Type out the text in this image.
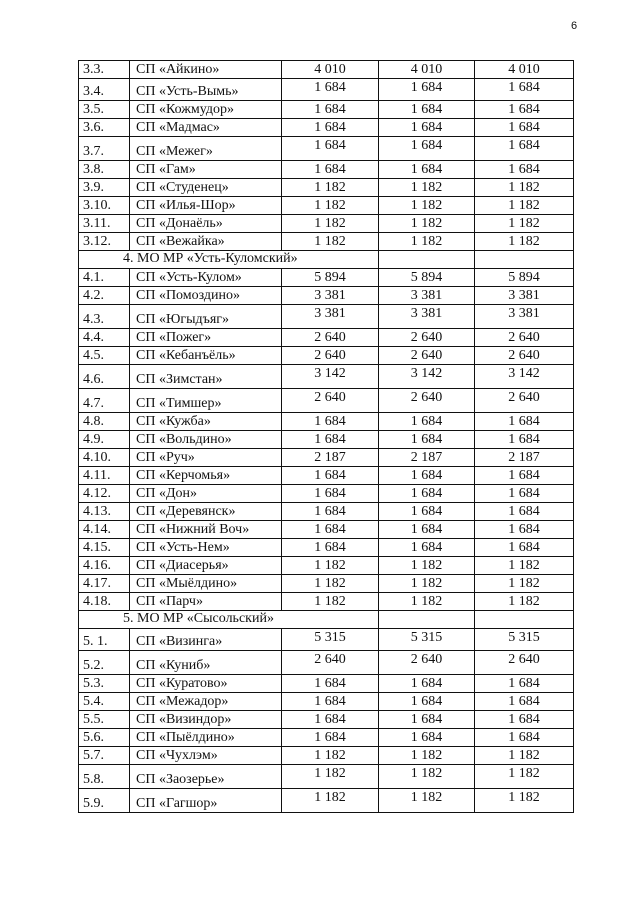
6
3.3.	СП «Айкино»	4 010	4 010	4 010
3.4.	СП «Усть-Вымь»	1 684	1 684	1 684
3.5.	СП «Кожмудор»	1 684	1 684	1 684
3.6.	СП «Мадмас»	1 684	1 684	1 684
3.7.	СП «Межег»	1 684	1 684	1 684
3.8.	СП «Гам»	1 684	1 684	1 684
3.9.	СП «Студенец»	1 182	1 182	1 182
3.10.	СП «Илья-Шор»	1 182	1 182	1 182
3.11.	СП «Донаёль»	1 182	1 182	1 182
3.12.	СП «Вежайка»	1 182	1 182	1 182
4. МО МР «Усть-Куломский»				
4.1.	СП «Усть-Кулом»	5 894	5 894	5 894
4.2.	СП «Помоздино»	3 381	3 381	3 381
4.3.	СП «Югыдъяг»	3 381	3 381	3 381
4.4.	СП «Пожег»	2 640	2 640	2 640
4.5.	СП «Кебанъёль»	2 640	2 640	2 640
4.6.	СП «Зимстан»	3 142	3 142	3 142
4.7.	СП «Тимшер»	2 640	2 640	2 640
4.8.	СП «Кужба»	1 684	1 684	1 684
4.9.	СП «Вольдино»	1 684	1 684	1 684
4.10.	СП «Руч»	2 187	2 187	2 187
4.11.	СП «Керчомья»	1 684	1 684	1 684
4.12.	СП «Дон»	1 684	1 684	1 684
4.13.	СП «Деревянск»	1 684	1 684	1 684
4.14.	СП «Нижний Воч»	1 684	1 684	1 684
4.15.	СП «Усть-Нем»	1 684	1 684	1 684
4.16.	СП «Диасерья»	1 182	1 182	1 182
4.17.	СП «Мыёлдино»	1 182	1 182	1 182
4.18.	СП «Парч»	1 182	1 182	1 182
5. МО МР «Сысольский»				
5. 1.	СП «Визинга»	5 315	5 315	5 315
5.2.	СП «Куниб»	2 640	2 640	2 640
5.3.	СП «Куратово»	1 684	1 684	1 684
5.4.	СП «Межадор»	1 684	1 684	1 684
5.5.	СП «Визиндор»	1 684	1 684	1 684
5.6.	СП «Пыёлдино»	1 684	1 684	1 684
5.7.	СП «Чухлэм»	1 182	1 182	1 182
5.8.	СП «Заозерье»	1 182	1 182	1 182
5.9.	СП «Гагшор»	1 182	1 182	1 182
